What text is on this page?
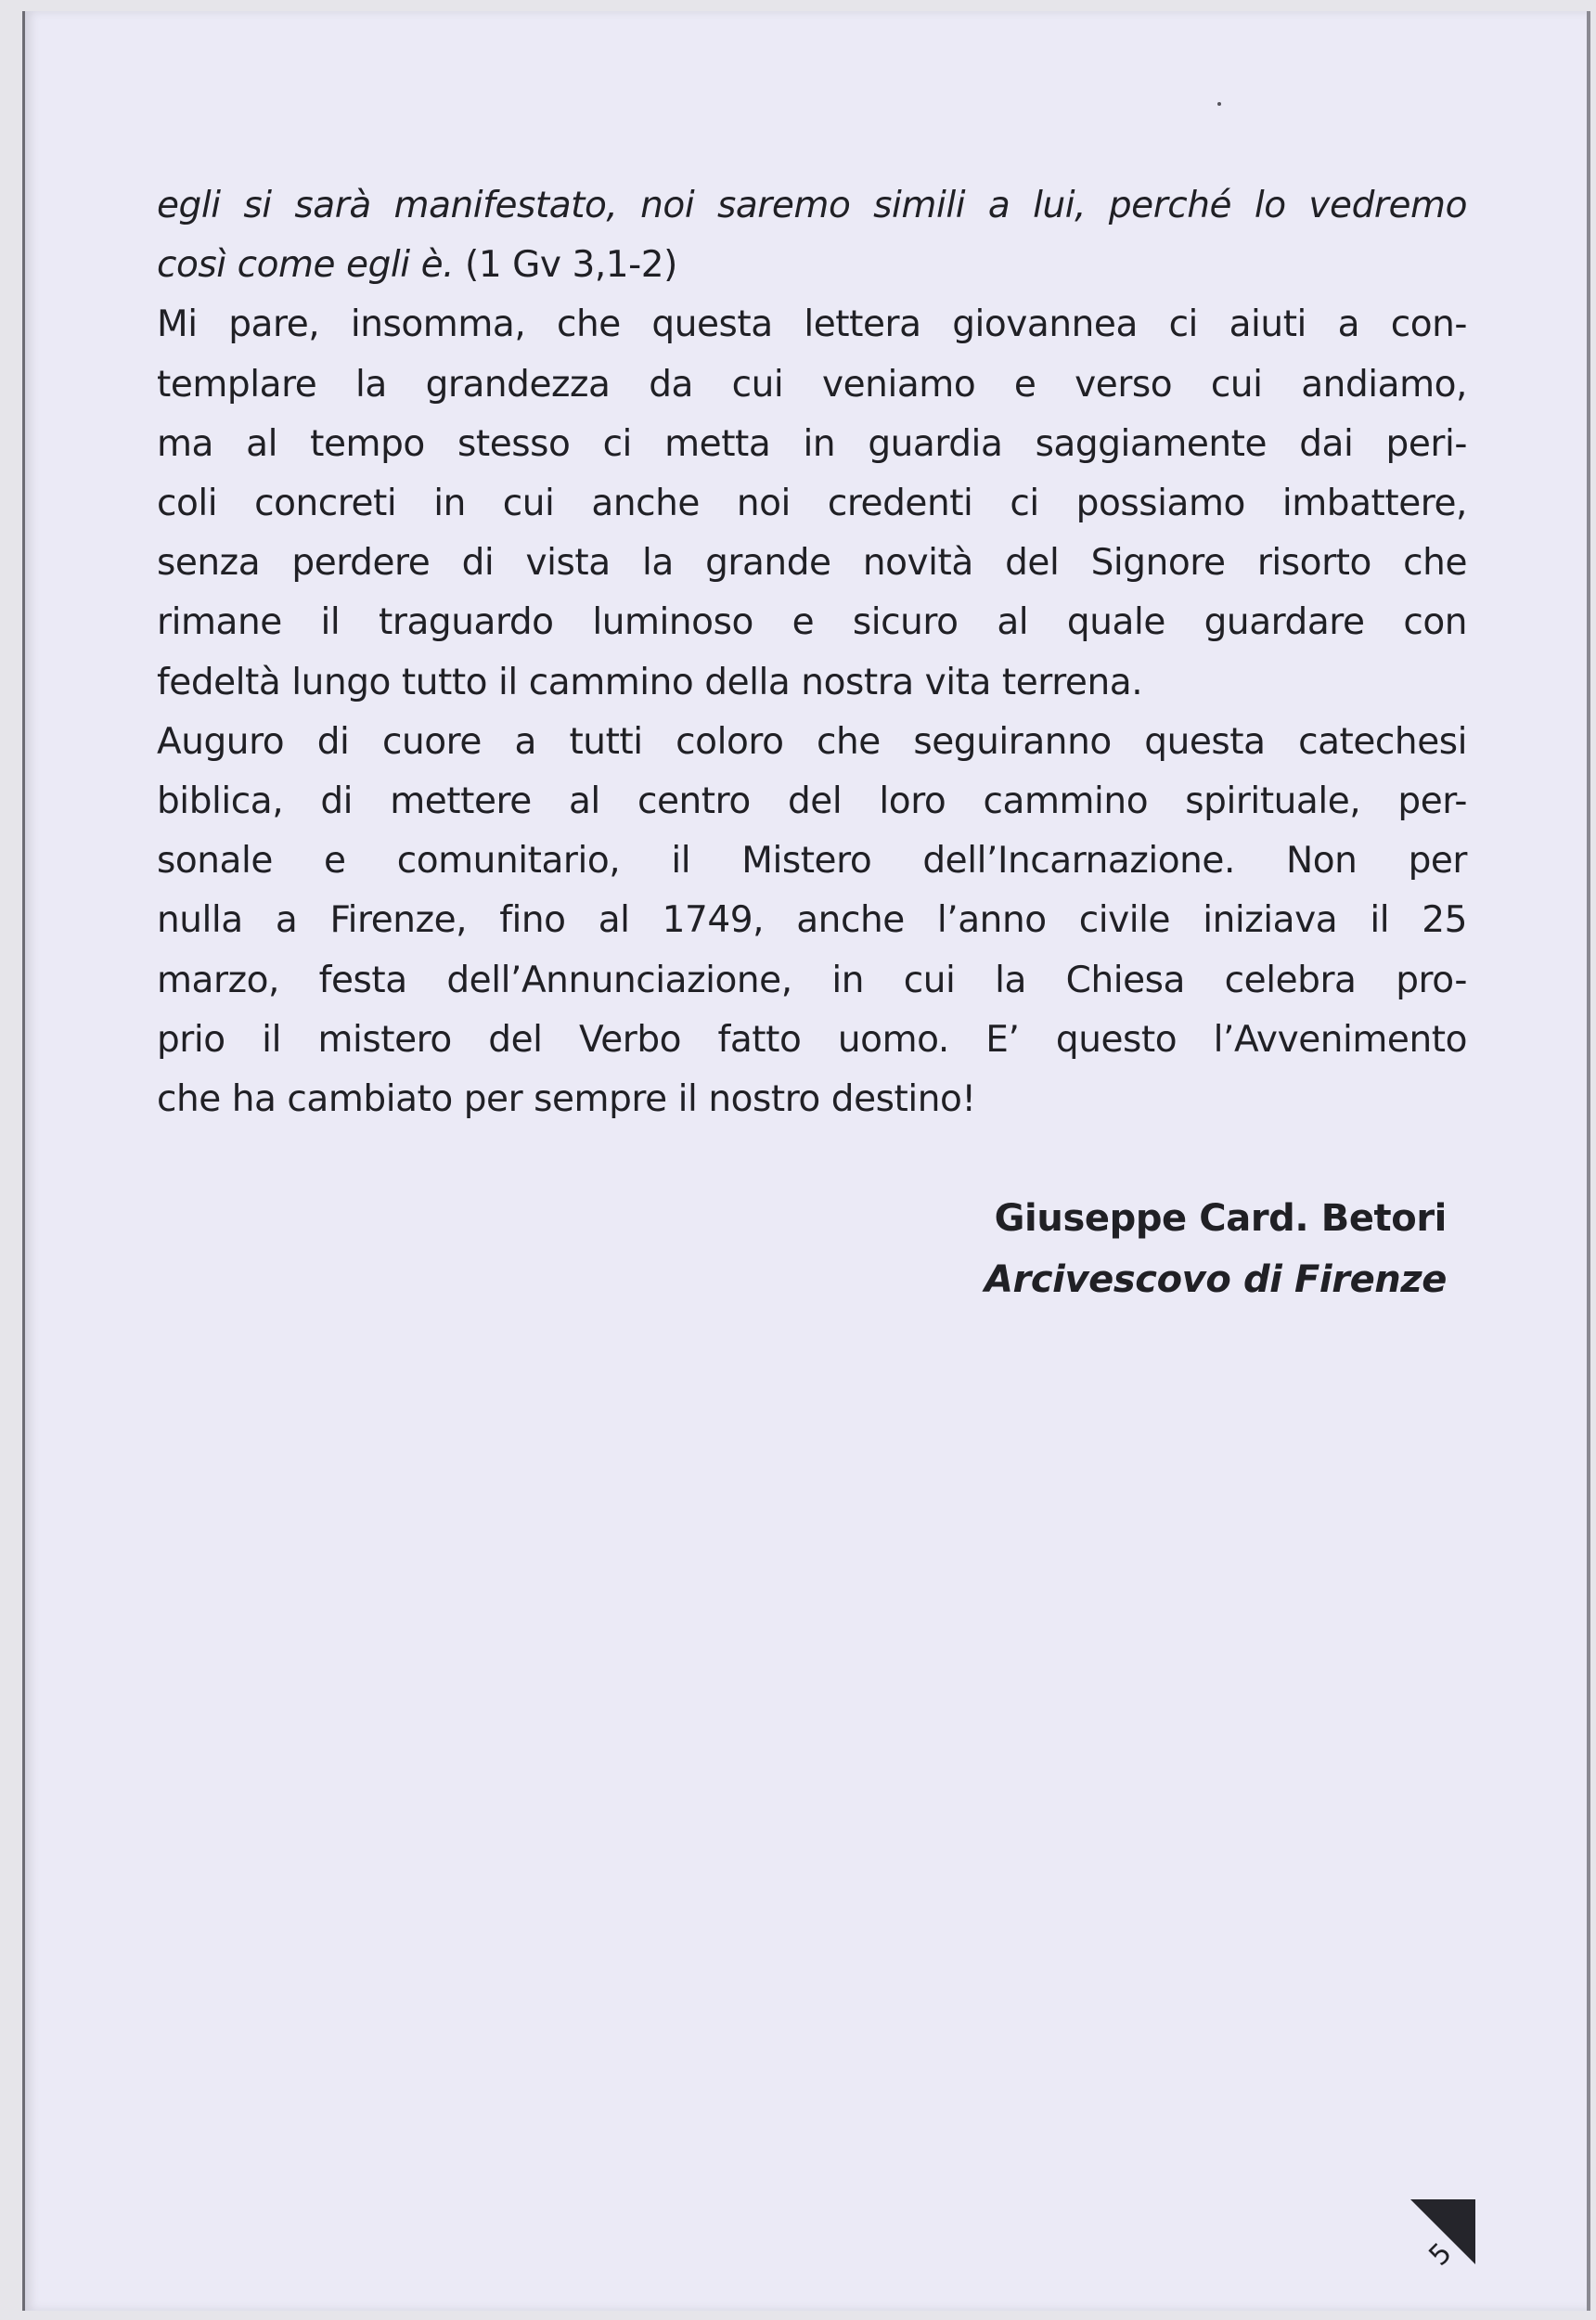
egli si sarà manifestato, noi saremo simili a lui, perché lo vedremo
così come egli è. (1 Gv 3,1-2)
Mi pare, insomma, che questa lettera giovannea ci aiuti a con-
templare la grandezza da cui veniamo e verso cui andiamo,
ma al tempo stesso ci metta in guardia saggiamente dai peri-
coli concreti in cui anche noi credenti ci possiamo imbattere,
senza perdere di vista la grande novità del Signore risorto che
rimane il traguardo luminoso e sicuro al quale guardare con
fedeltà lungo tutto il cammino della nostra vita terrena.
Auguro di cuore a tutti coloro che seguiranno questa catechesi
biblica, di mettere al centro del loro cammino spirituale, per-
sonale e comunitario, il Mistero dell’Incarnazione. Non per
nulla a Firenze, fino al 1749, anche l’anno civile iniziava il 25
marzo, festa dell’Annunciazione, in cui la Chiesa celebra pro-
prio il mistero del Verbo fatto uomo. E’ questo l’Avvenimento
che ha cambiato per sempre il nostro destino!
Giuseppe Card. Betori
Arcivescovo di Firenze
5
